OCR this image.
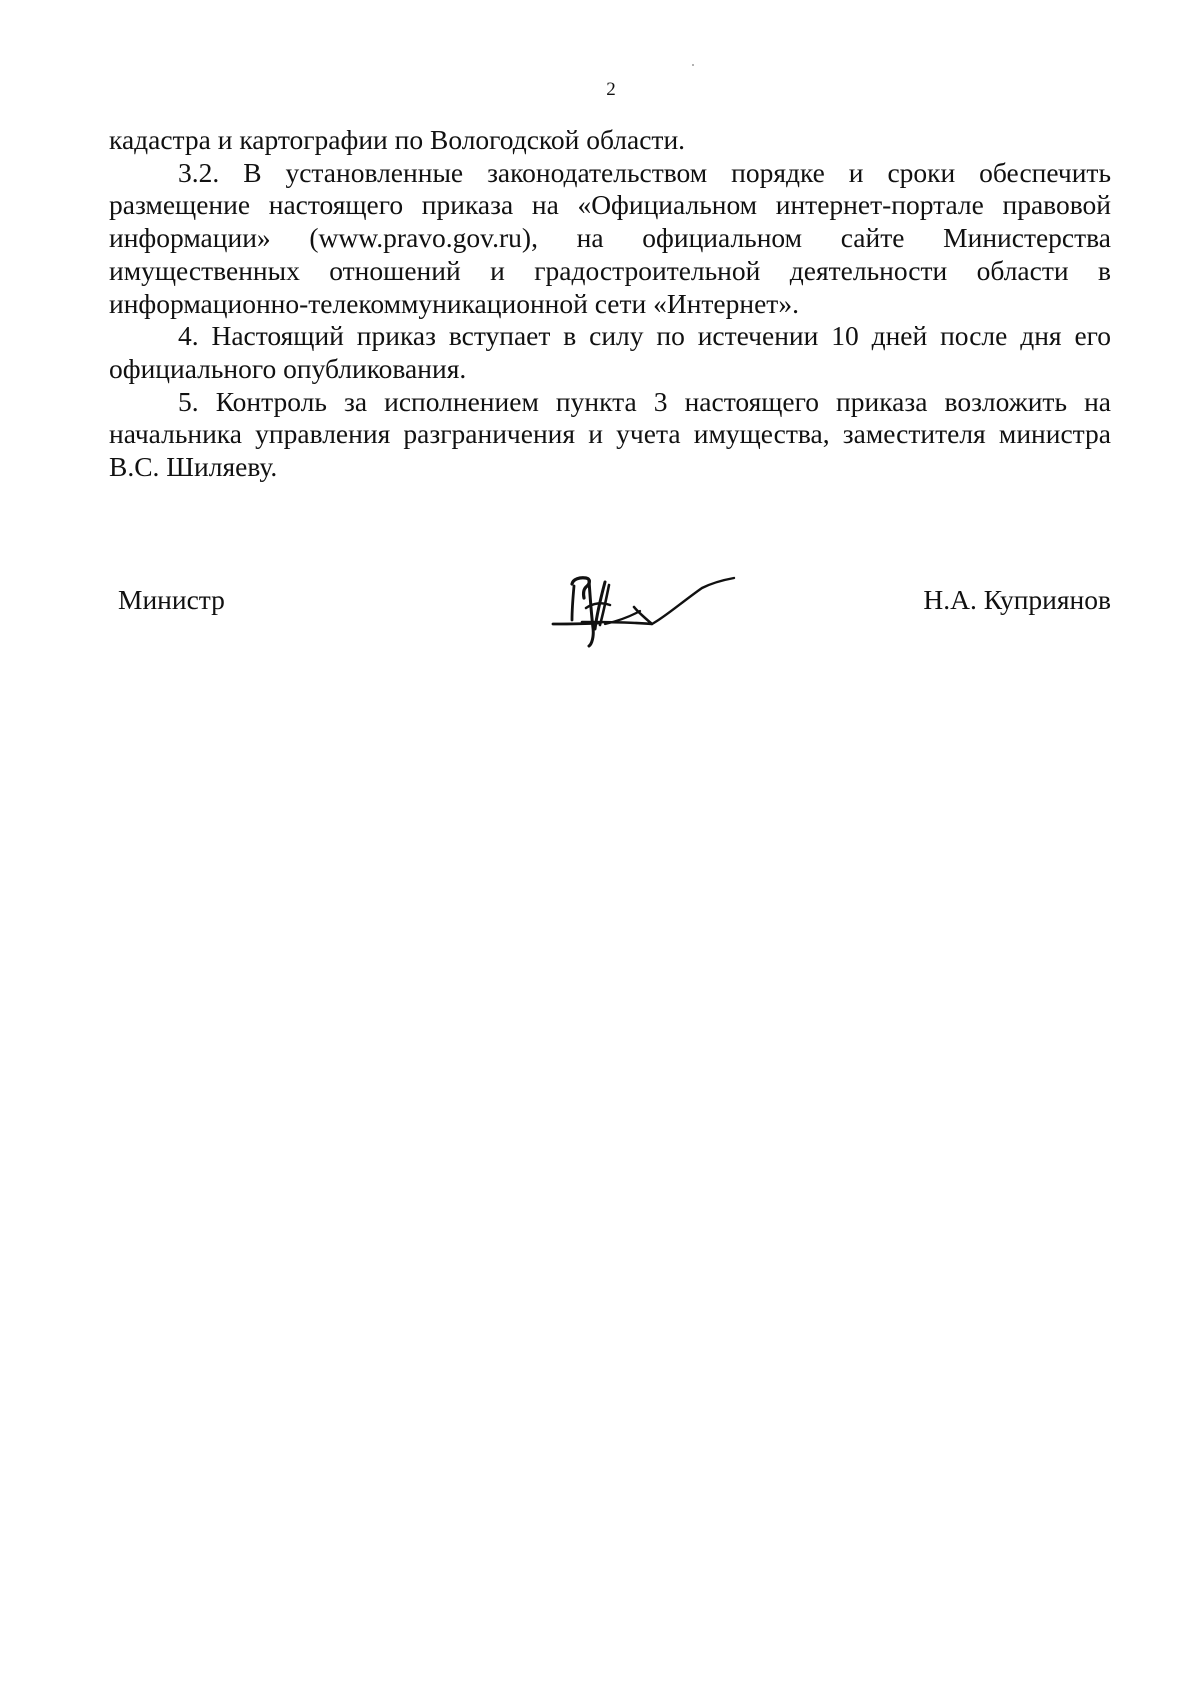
2

кадастра и картографии по Вологодской области.

3.2. В установленные законодательством порядке и сроки обеспечить размещение настоящего приказа на «Официальном интернет-портале правовой информации» (www.pravo.gov.ru), на официальном сайте Министерства имущественных отношений и градостроительной деятельности области в информационно-телекоммуникационной сети «Интернет».

4. Настоящий приказ вступает в силу по истечении 10 дней после дня его официального опубликования.

5. Контроль за исполнением пункта 3 настоящего приказа возложить на начальника управления разграничения и учета имущества, заместителя министра В.С. Шиляеву.

Министр	Н.А. Куприянов
